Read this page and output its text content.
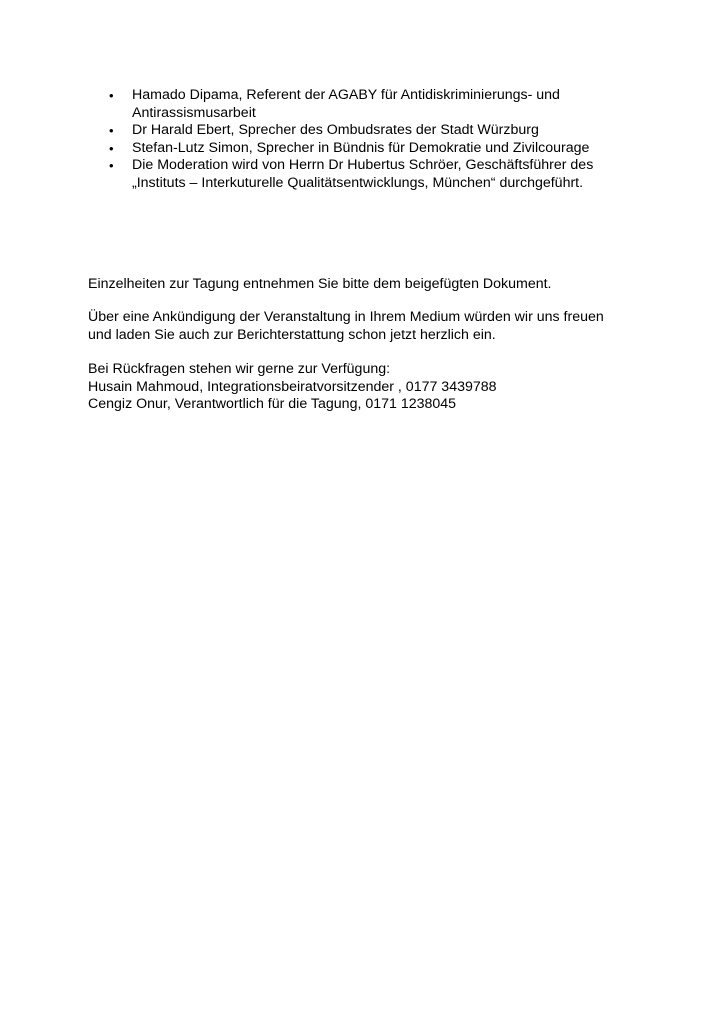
•	Hamado Dipama, Referent der AGABY für Antidiskriminierungs- und
Antirassismusarbeit
•	Dr Harald Ebert, Sprecher des Ombudsrates der Stadt Würzburg
•	Stefan-Lutz Simon, Sprecher in Bündnis für Demokratie und Zivilcourage
•	Die Moderation wird von Herrn Dr Hubertus Schröer, Geschäftsführer des
„Instituts – Interkuturelle Qualitätsentwicklungs, München“ durchgeführt.

Einzelheiten zur Tagung entnehmen Sie bitte dem beigefügten Dokument.

Über eine Ankündigung der Veranstaltung in Ihrem Medium würden wir uns freuen
und laden Sie auch zur Berichterstattung schon jetzt herzlich ein.

Bei Rückfragen stehen wir gerne zur Verfügung:
Husain Mahmoud, Integrationsbeiratvorsitzender , 0177 3439788
Cengiz Onur, Verantwortlich für die Tagung, 0171 1238045
